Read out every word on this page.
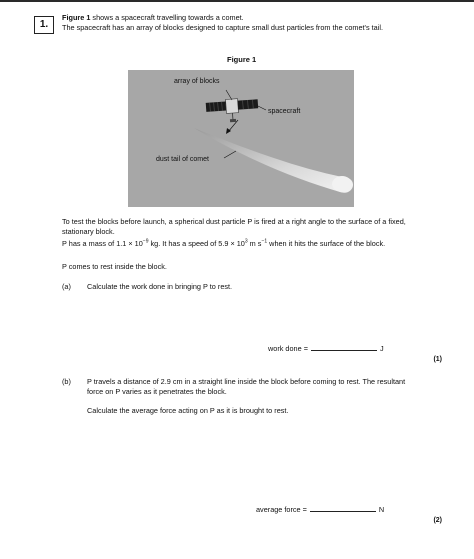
1.
Figure 1 shows a spacecraft travelling towards a comet.
The spacecraft has an array of blocks designed to capture small dust particles from the comet's tail.
Figure 1
array of blocks
spacecraft
dust tail of comet
To test the blocks before launch, a spherical dust particle P is fired at a right angle to the surface of a fixed, stationary block.
P has a mass of $1.1 \times 10^{-9}$ kg. It has a speed of $5.9 \times 10^3$ m $s^{-1}$ when it hits the surface of the block.
P comes to rest inside the block.
(a) Calculate the work done in bringing P to rest.
work done =	J
(1)
(b) P travels a distance of 2.9 cm in a straight line inside the block before coming to rest. The resultant force on P varies as it penetrates the block.
Calculate the average force acting on P as it is brought to rest.
average force =	N
(2)
